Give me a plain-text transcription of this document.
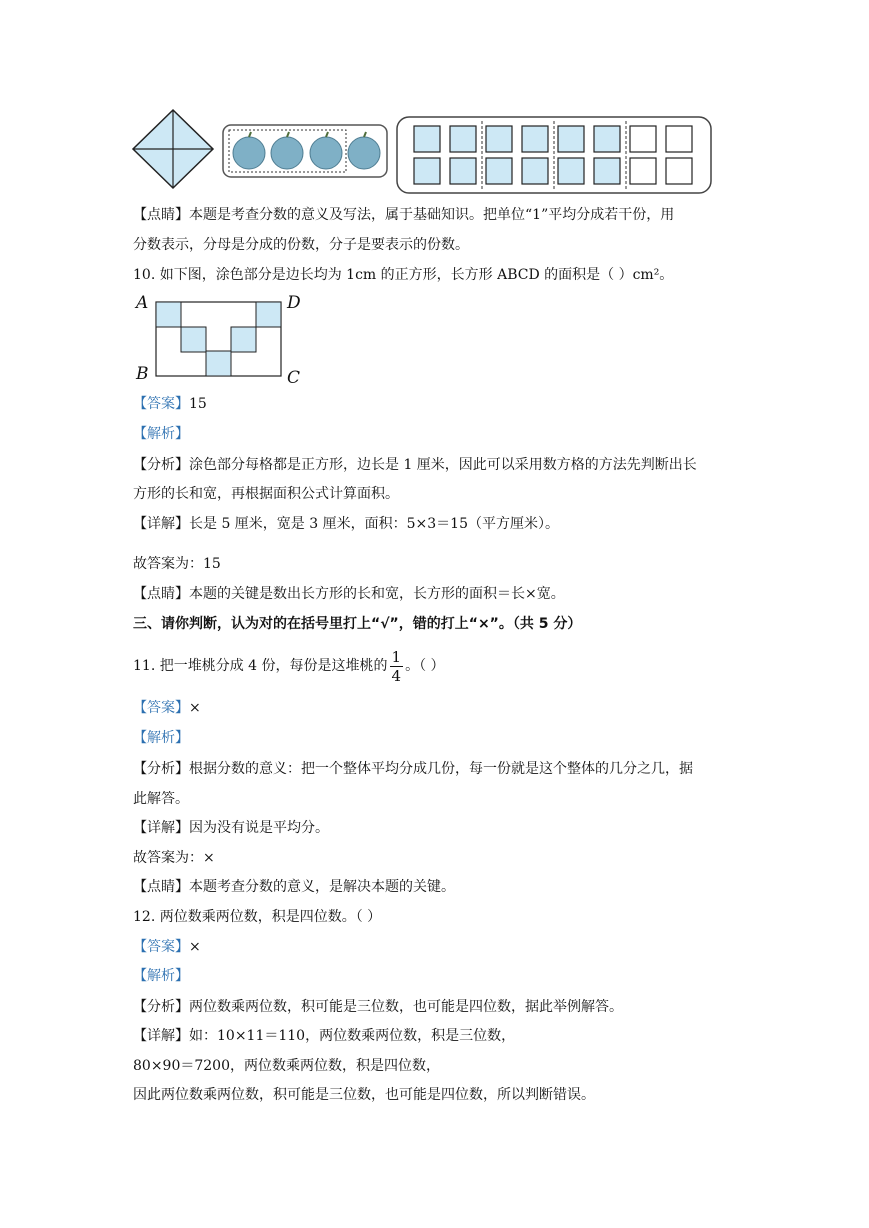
【点睛】本题是考查分数的意义及写法，属于基础知识。把单位“1”平均分成若干份，用
分数表示，分母是分成的份数，分子是要表示的份数。
10. 如下图，涂色部分是边长均为 1cm 的正方形，长方形 ABCD 的面积是（ ）cm²。
A	D
B	C
【答案】15
【解析】
【分析】涂色部分每格都是正方形，边长是 1 厘米，因此可以采用数方格的方法先判断出长
方形的长和宽，再根据面积公式计算面积。
【详解】长是 5 厘米，宽是 3 厘米，面积：5×3＝15（平方厘米）。
故答案为：15
【点睛】本题的关键是数出长方形的长和宽，长方形的面积＝长×宽。
三、请你判断，认为对的在括号里打上“√”，错的打上“×”。（共 5 分）
11. 把一堆桃分成 4 份，每份是这堆桃的 $\frac{1}{4}$ 。（ ）
【答案】×
【解析】
【分析】根据分数的意义：把一个整体平均分成几份，每一份就是这个整体的几分之几，据
此解答。
【详解】因为没有说是平均分。
故答案为：×
【点睛】本题考查分数的意义，是解决本题的关键。
12. 两位数乘两位数，积是四位数。（ ）
【答案】×
【解析】
【分析】两位数乘两位数，积可能是三位数，也可能是四位数，据此举例解答。
【详解】如：10×11＝110，两位数乘两位数，积是三位数，
80×90＝7200，两位数乘两位数，积是四位数，
因此两位数乘两位数，积可能是三位数，也可能是四位数，所以判断错误。
